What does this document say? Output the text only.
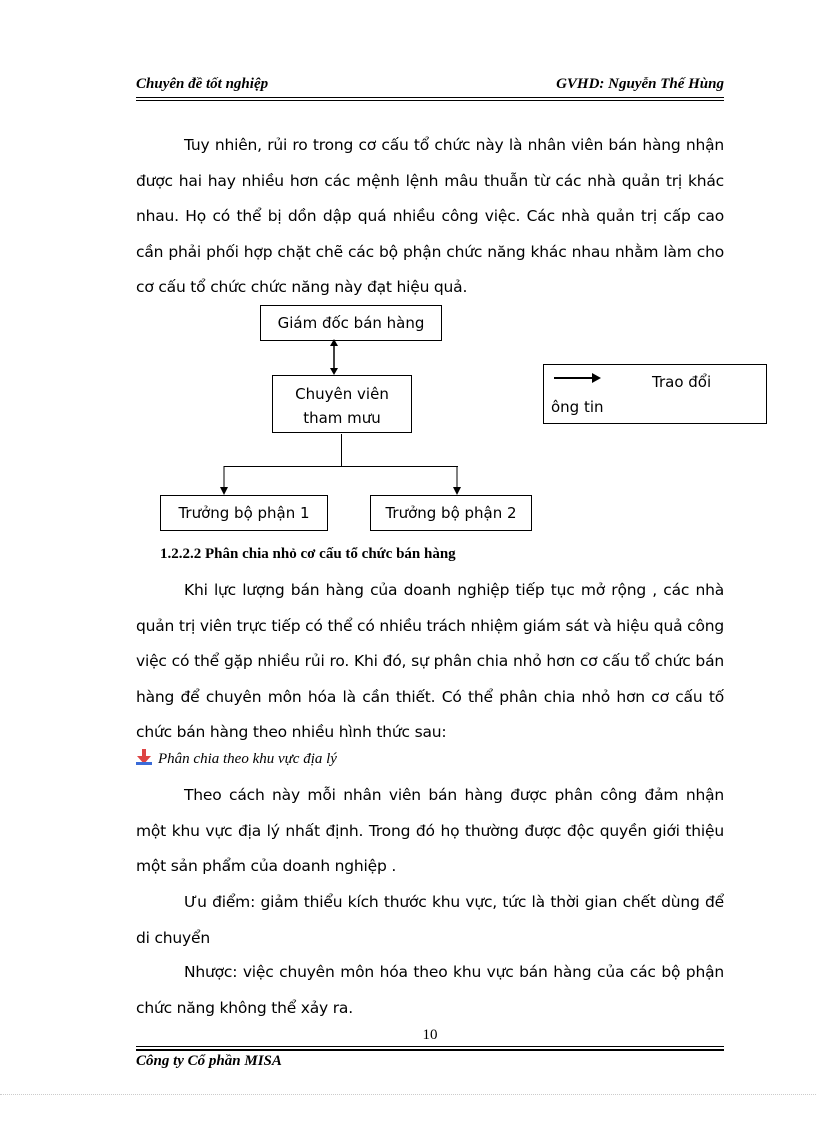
Chuyên đề tốt nghiệp	GVHD: Nguyễn Thế Hùng

Tuy nhiên, rủi ro trong cơ cấu tổ chức này là nhân viên bán hàng nhận được hai hay nhiều hơn các mệnh lệnh mâu thuẫn từ các nhà quản trị khác nhau. Họ có thể bị dồn dập quá nhiều công việc. Các nhà quản trị cấp cao cần phải phối hợp chặt chẽ các bộ phận chức năng khác nhau nhằm làm cho cơ cấu tổ chức chức năng này đạt hiệu quả.

Giám đốc bán hàng
Chuyên viên
tham mưu
Trưởng bộ phận 1	Trưởng bộ phận 2
Trao đổi
ông tin
1.2.2.2 Phân chia nhỏ cơ cấu tổ chức bán hàng

Khi lực lượng bán hàng của doanh nghiệp tiếp tục mở rộng , các nhà quản trị viên trực tiếp có thể có nhiều trách nhiệm giám sát và hiệu quả công việc có thể gặp nhiều rủi ro. Khi đó, sự phân chia nhỏ hơn cơ cấu tổ chức bán hàng để chuyên môn hóa là cần thiết. Có thể phân chia nhỏ hơn cơ cấu tố chức bán hàng theo nhiều hình thức sau:

Phân chia theo khu vực địa lý

Theo cách này mỗi nhân viên bán hàng được phân công đảm nhận một khu vực địa lý nhất định. Trong đó họ thường được độc quyền giới thiệu một sản phẩm của doanh nghiệp .

Ưu điểm: giảm thiểu kích thước khu vực, tức là thời gian chết dùng để di chuyển

Nhược: việc chuyên môn hóa theo khu vực bán hàng của các bộ phận chức năng không thể xảy ra.

10
Công ty Cổ phần MISA
